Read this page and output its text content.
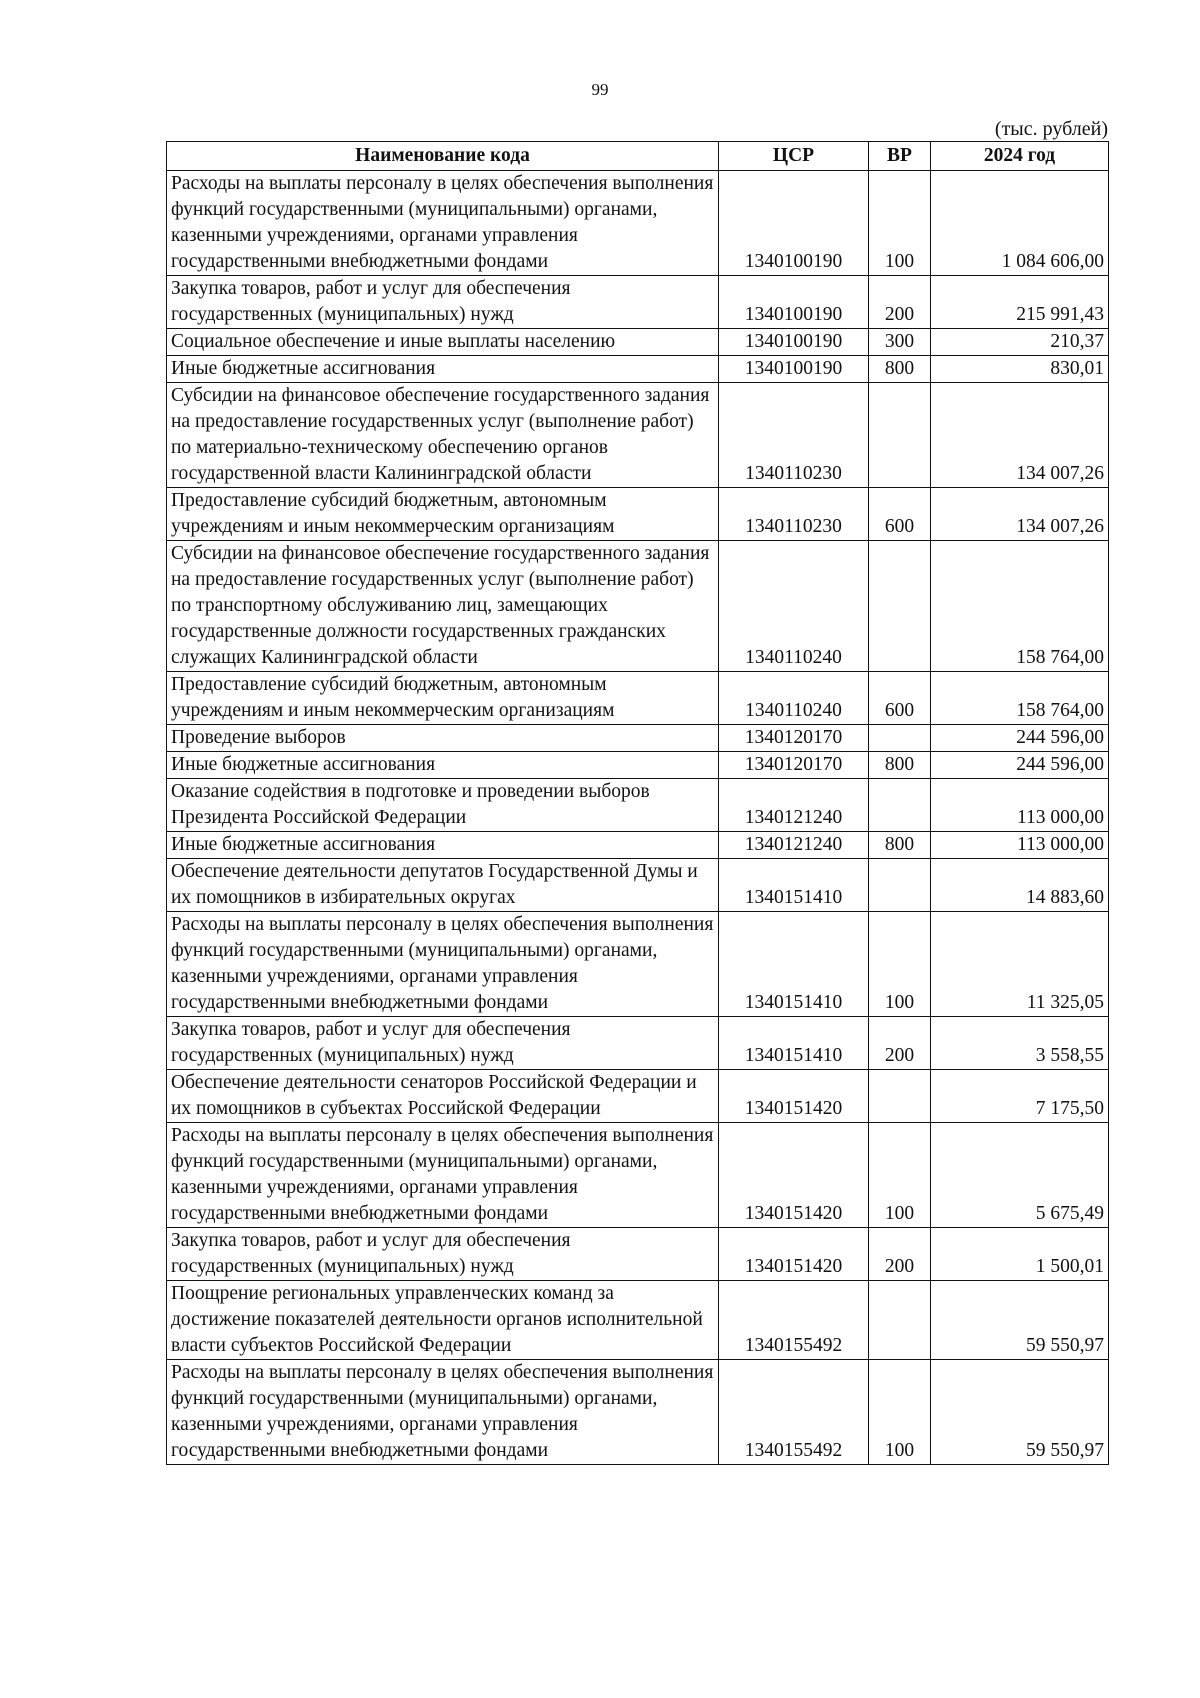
99
(тыс. рублей)
Наименование кода	ЦСР	ВР	2024 год
Расходы на выплаты персоналу в целях обеспечения выполнения функций государственными (муниципальными) органами, казенными учреждениями, органами управления государственными внебюджетными фондами	1340100190	100	1 084 606,00
Закупка товаров, работ и услуг для обеспечения государственных (муниципальных) нужд	1340100190	200	215 991,43
Социальное обеспечение и иные выплаты населению	1340100190	300	210,37
Иные бюджетные ассигнования	1340100190	800	830,01
Субсидии на финансовое обеспечение государственного задания на предоставление государственных услуг (выполнение работ) по материально-техническому обеспечению органов государственной власти Калининградской области	1340110230		134 007,26
Предоставление субсидий бюджетным, автономным учреждениям и иным некоммерческим организациям	1340110230	600	134 007,26
Субсидии на финансовое обеспечение государственного задания на предоставление государственных услуг (выполнение работ) по транспортному обслуживанию лиц, замещающих государственные должности государственных гражданских служащих Калининградской области	1340110240		158 764,00
Предоставление субсидий бюджетным, автономным учреждениям и иным некоммерческим организациям	1340110240	600	158 764,00
Проведение выборов	1340120170		244 596,00
Иные бюджетные ассигнования	1340120170	800	244 596,00
Оказание содействия в подготовке и проведении выборов Президента Российской Федерации	1340121240		113 000,00
Иные бюджетные ассигнования	1340121240	800	113 000,00
Обеспечение деятельности депутатов Государственной Думы и их помощников в избирательных округах	1340151410		14 883,60
Расходы на выплаты персоналу в целях обеспечения выполнения функций государственными (муниципальными) органами, казенными учреждениями, органами управления государственными внебюджетными фондами	1340151410	100	11 325,05
Закупка товаров, работ и услуг для обеспечения государственных (муниципальных) нужд	1340151410	200	3 558,55
Обеспечение деятельности сенаторов Российской Федерации и их помощников в субъектах Российской Федерации	1340151420		7 175,50
Расходы на выплаты персоналу в целях обеспечения выполнения функций государственными (муниципальными) органами, казенными учреждениями, органами управления государственными внебюджетными фондами	1340151420	100	5 675,49
Закупка товаров, работ и услуг для обеспечения государственных (муниципальных) нужд	1340151420	200	1 500,01
Поощрение региональных управленческих команд за достижение показателей деятельности органов исполнительной власти субъектов Российской Федерации	1340155492		59 550,97
Расходы на выплаты персоналу в целях обеспечения выполнения функций государственными (муниципальными) органами, казенными учреждениями, органами управления государственными внебюджетными фондами	1340155492	100	59 550,97
